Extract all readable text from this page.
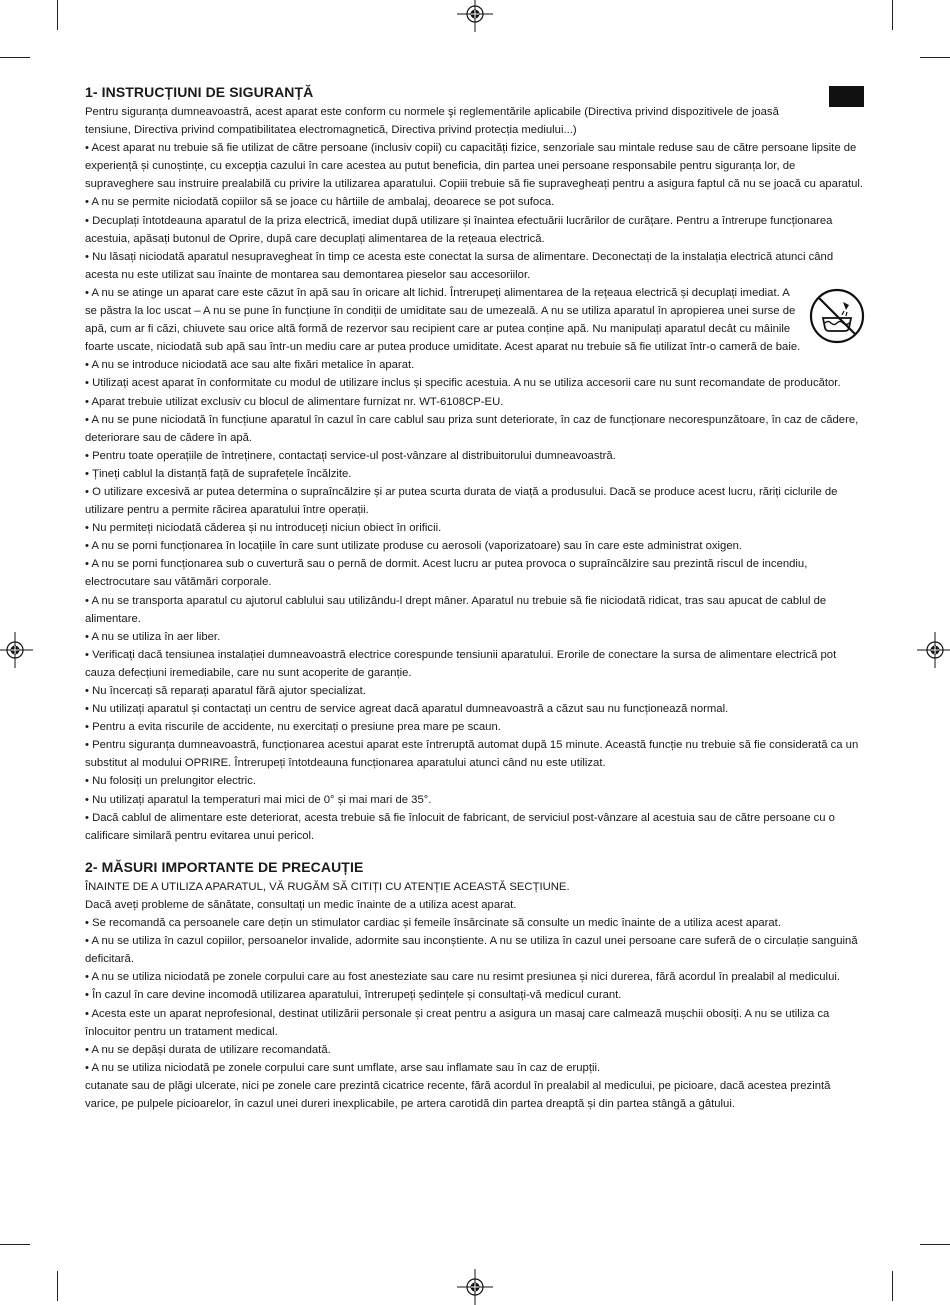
1- INSTRUCȚIUNI DE SIGURANȚĂ

Pentru siguranța dumneavoastră, acest aparat este conform cu normele şi reglementările aplicabile (Directiva privind dispozitivele de joasă tensiune, Directiva privind compatibilitatea electromagnetică, Directiva privind protecția mediului...)

• Acest aparat nu trebuie să fie utilizat de către persoane (inclusiv copii) cu capacități fizice, senzoriale sau mintale reduse sau de către persoane lipsite de experiență și cunoștințe, cu excepția cazului în care acestea au putut beneficia, din partea unei persoane responsabile pentru siguranța lor, de supraveghere sau instruire prealabilă cu privire la utilizarea aparatului. Copiii trebuie să fie supravegheați pentru a asigura faptul că nu se joacă cu aparatul.

• A nu se permite niciodată copiilor să se joace cu hârtiile de ambalaj, deoarece se pot sufoca.

• Decuplați întotdeauna aparatul de la priza electrică, imediat după utilizare și înaintea efectuării lucrărilor de curățare. Pentru a întrerupe funcționarea acestuia, apăsați butonul de Oprire, după care decuplați alimentarea de la rețeaua electrică.

• Nu lăsați niciodată aparatul nesupravegheat în timp ce acesta este conectat la sursa de alimentare. Deconectați de la instalația electrică atunci când acesta nu este utilizat sau înainte de montarea sau demontarea pieselor sau accesoriilor.

• A nu se atinge un aparat care este căzut în apă sau în oricare alt lichid. Întrerupeți alimentarea de la rețeaua electrică și decuplați imediat. A se păstra la loc uscat – A nu se pune în funcțiune în condiții de umiditate sau de umezeală. A nu se utiliza aparatul în apropierea unei surse de apă, cum ar fi căzi, chiuvete sau orice altă formă de rezervor sau recipient care ar putea conține apă. Nu manipulați aparatul decât cu mâinile foarte uscate, niciodată sub apă sau într-un mediu care ar putea produce umiditate. Acest aparat nu trebuie să fie utilizat într-o cameră de baie.

• A nu se introduce niciodată ace sau alte fixări metalice în aparat.

• Utilizați acest aparat în conformitate cu modul de utilizare inclus și specific acestuia. A nu se utiliza accesorii care nu sunt recomandate de producător.

• Aparat trebuie utilizat exclusiv cu blocul de alimentare furnizat nr. WT-6108CP-EU.

• A nu se pune niciodată în funcțiune aparatul în cazul în care cablul sau priza sunt deteriorate, în caz de funcționare necorespunzătoare, în caz de cădere, deteriorare sau de cădere în apă.

• Pentru toate operațiile de întreținere, contactați service-ul post-vânzare al distribuitorului dumneavoastră.

• Țineți cablul la distanță față de suprafețele încălzite.

• O utilizare excesivă ar putea determina o supraîncălzire și ar putea scurta durata de viață a produsului. Dacă se produce acest lucru, răriți ciclurile de utilizare pentru a permite răcirea aparatului între operații.

• Nu permiteți niciodată căderea și nu introduceți niciun obiect în orificii.

• A nu se porni funcționarea în locațiile în care sunt utilizate produse cu aerosoli (vaporizatoare) sau în care este administrat oxigen.

• A nu se porni funcționarea sub o cuvertură sau o pernă de dormit. Acest lucru ar putea provoca o supraîncălzire sau prezintă riscul de incendiu, electrocutare sau vătămări corporale.

• A nu se transporta aparatul cu ajutorul cablului sau utilizându-l drept mâner. Aparatul nu trebuie să fie niciodată ridicat, tras sau apucat de cablul de alimentare.

• A nu se utiliza în aer liber.

• Verificați dacă tensiunea instalației dumneavoastră electrice corespunde tensiunii aparatului. Erorile de conectare la sursa de alimentare electrică pot cauza defecțiuni iremediabile, care nu sunt acoperite de garanție.

• Nu încercați să reparați aparatul fără ajutor specializat.

• Nu utilizați aparatul și contactați un centru de service agreat dacă aparatul dumneavoastră a căzut sau nu funcționează normal.

• Pentru a evita riscurile de accidente, nu exercitați o presiune prea mare pe scaun.

• Pentru siguranța dumneavoastră, funcționarea acestui aparat este întreruptă automat după 15 minute. Această funcție nu trebuie să fie considerată ca un substitut al modului OPRIRE. Întrerupeți întotdeauna funcționarea aparatului atunci când nu este utilizat.

• Nu folosiți un prelungitor electric.

• Nu utilizați aparatul la temperaturi mai mici de 0° și mai mari de 35°.

• Dacă cablul de alimentare este deteriorat, acesta trebuie să fie înlocuit de fabricant, de serviciul post-vânzare al acestuia sau de către persoane cu o calificare similară pentru evitarea unui pericol.

2- MĂSURI IMPORTANTE DE PRECAUȚIE

ÎNAINTE DE A UTILIZA APARATUL, VĂ RUGĂM SĂ CITIȚI CU ATENȚIE ACEASTĂ SECȚIUNE.

Dacă aveți probleme de sănătate, consultați un medic înainte de a utiliza acest aparat.

• Se recomandă ca persoanele care dețin un stimulator cardiac și femeile însărcinate să consulte un medic înainte de a utiliza acest aparat.

• A nu se utiliza în cazul copiilor, persoanelor invalide, adormite sau inconștiente. A nu se utiliza în cazul unei persoane care suferă de o circulație sanguină deficitară.

• A nu se utiliza niciodată pe zonele corpului care au fost anesteziate sau care nu resimt presiunea și nici durerea, fără acordul în prealabil al medicului.

• În cazul în care devine incomodă utilizarea aparatului, întrerupeți ședințele și consultați-vă medicul curant.

• Acesta este un aparat neprofesional, destinat utilizării personale și creat pentru a asigura un masaj care calmează mușchii obosiți. A nu se utiliza ca înlocuitor pentru un tratament medical.

• A nu se depăși durata de utilizare recomandată.

• A nu se utiliza niciodată pe zonele corpului care sunt umflate, arse sau inflamate sau în caz de erupții.

cutanate sau de plăgi ulcerate, nici pe zonele care prezintă cicatrice recente, fără acordul în prealabil al medicului, pe picioare, dacă acestea prezintă varice, pe pulpele picioarelor, în cazul unei dureri inexplicabile, pe artera carotidă din partea dreaptă și din partea stângă a gâtului.
